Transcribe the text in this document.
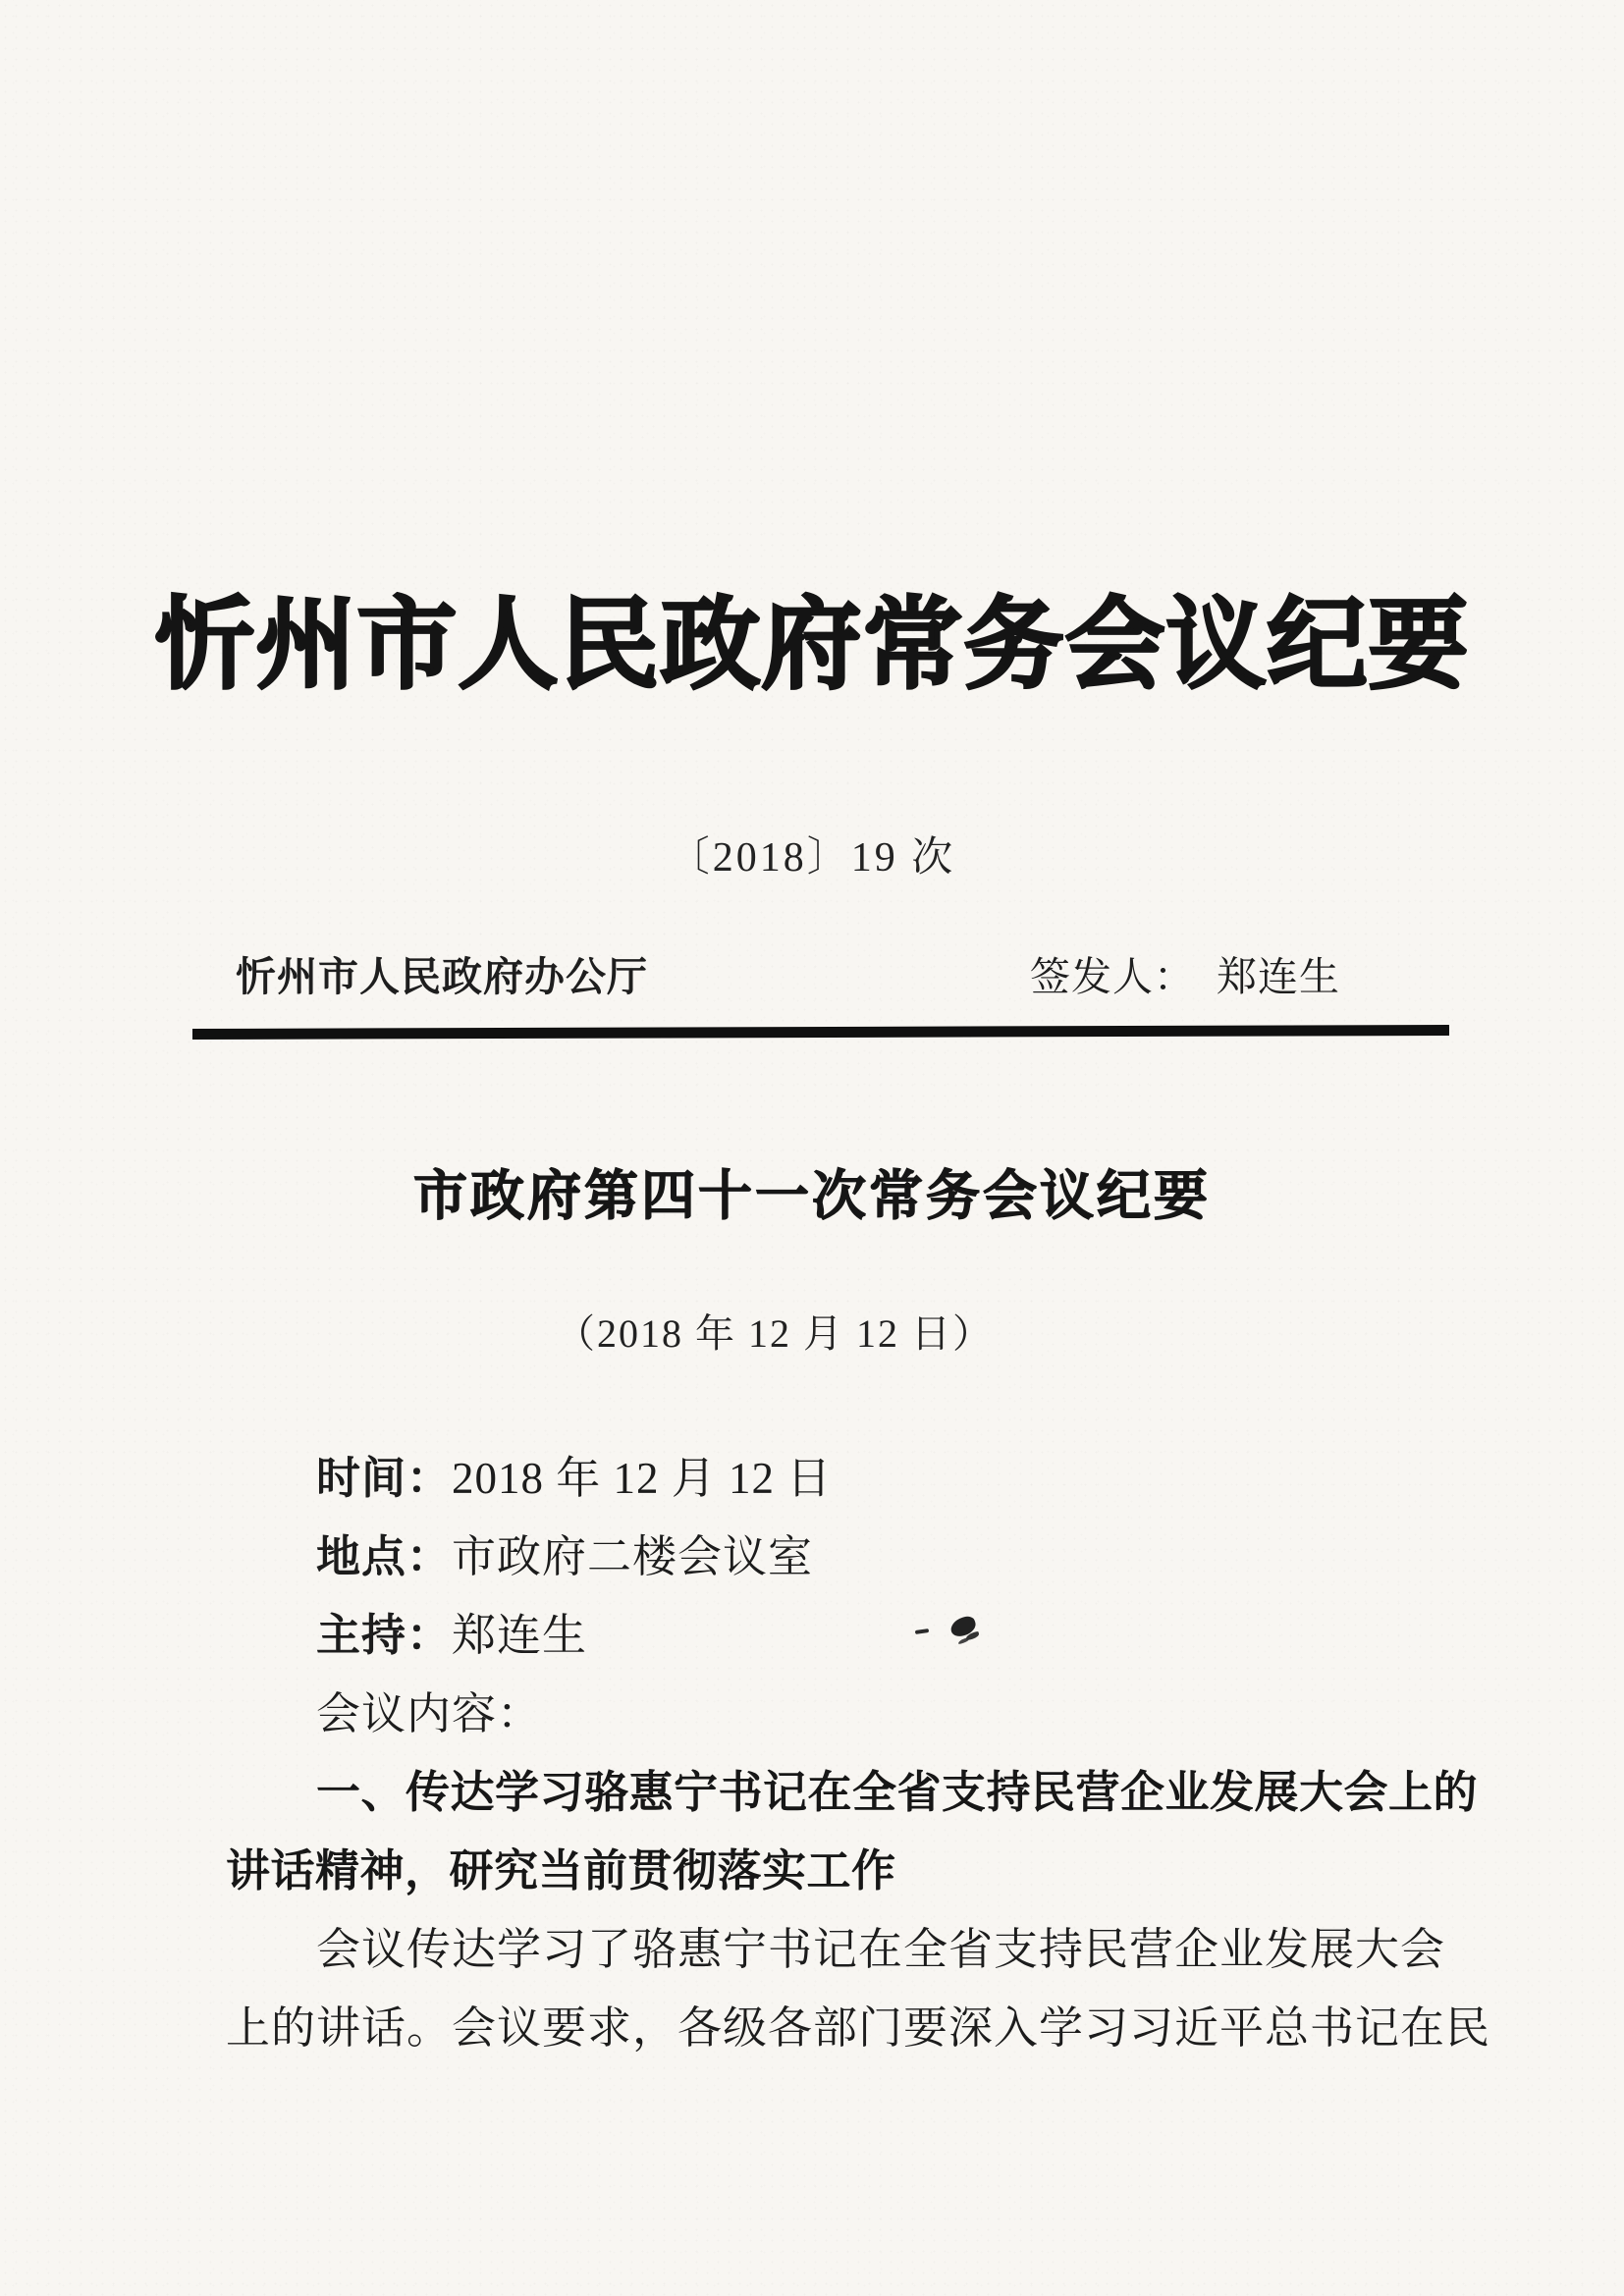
忻州市人民政府常务会议纪要
〔2018〕19 次
忻州市人民政府办公厅	签发人： 郑连生
市政府第四十一次常务会议纪要
（2018 年 12 月 12 日）
时间：2018 年 12 月 12 日
地点：市政府二楼会议室
主持：郑连生
会议内容：
一、传达学习骆惠宁书记在全省支持民营企业发展大会上的
讲话精神，研究当前贯彻落实工作
会议传达学习了骆惠宁书记在全省支持民营企业发展大会
上的讲话。会议要求，各级各部门要深入学习习近平总书记在民
